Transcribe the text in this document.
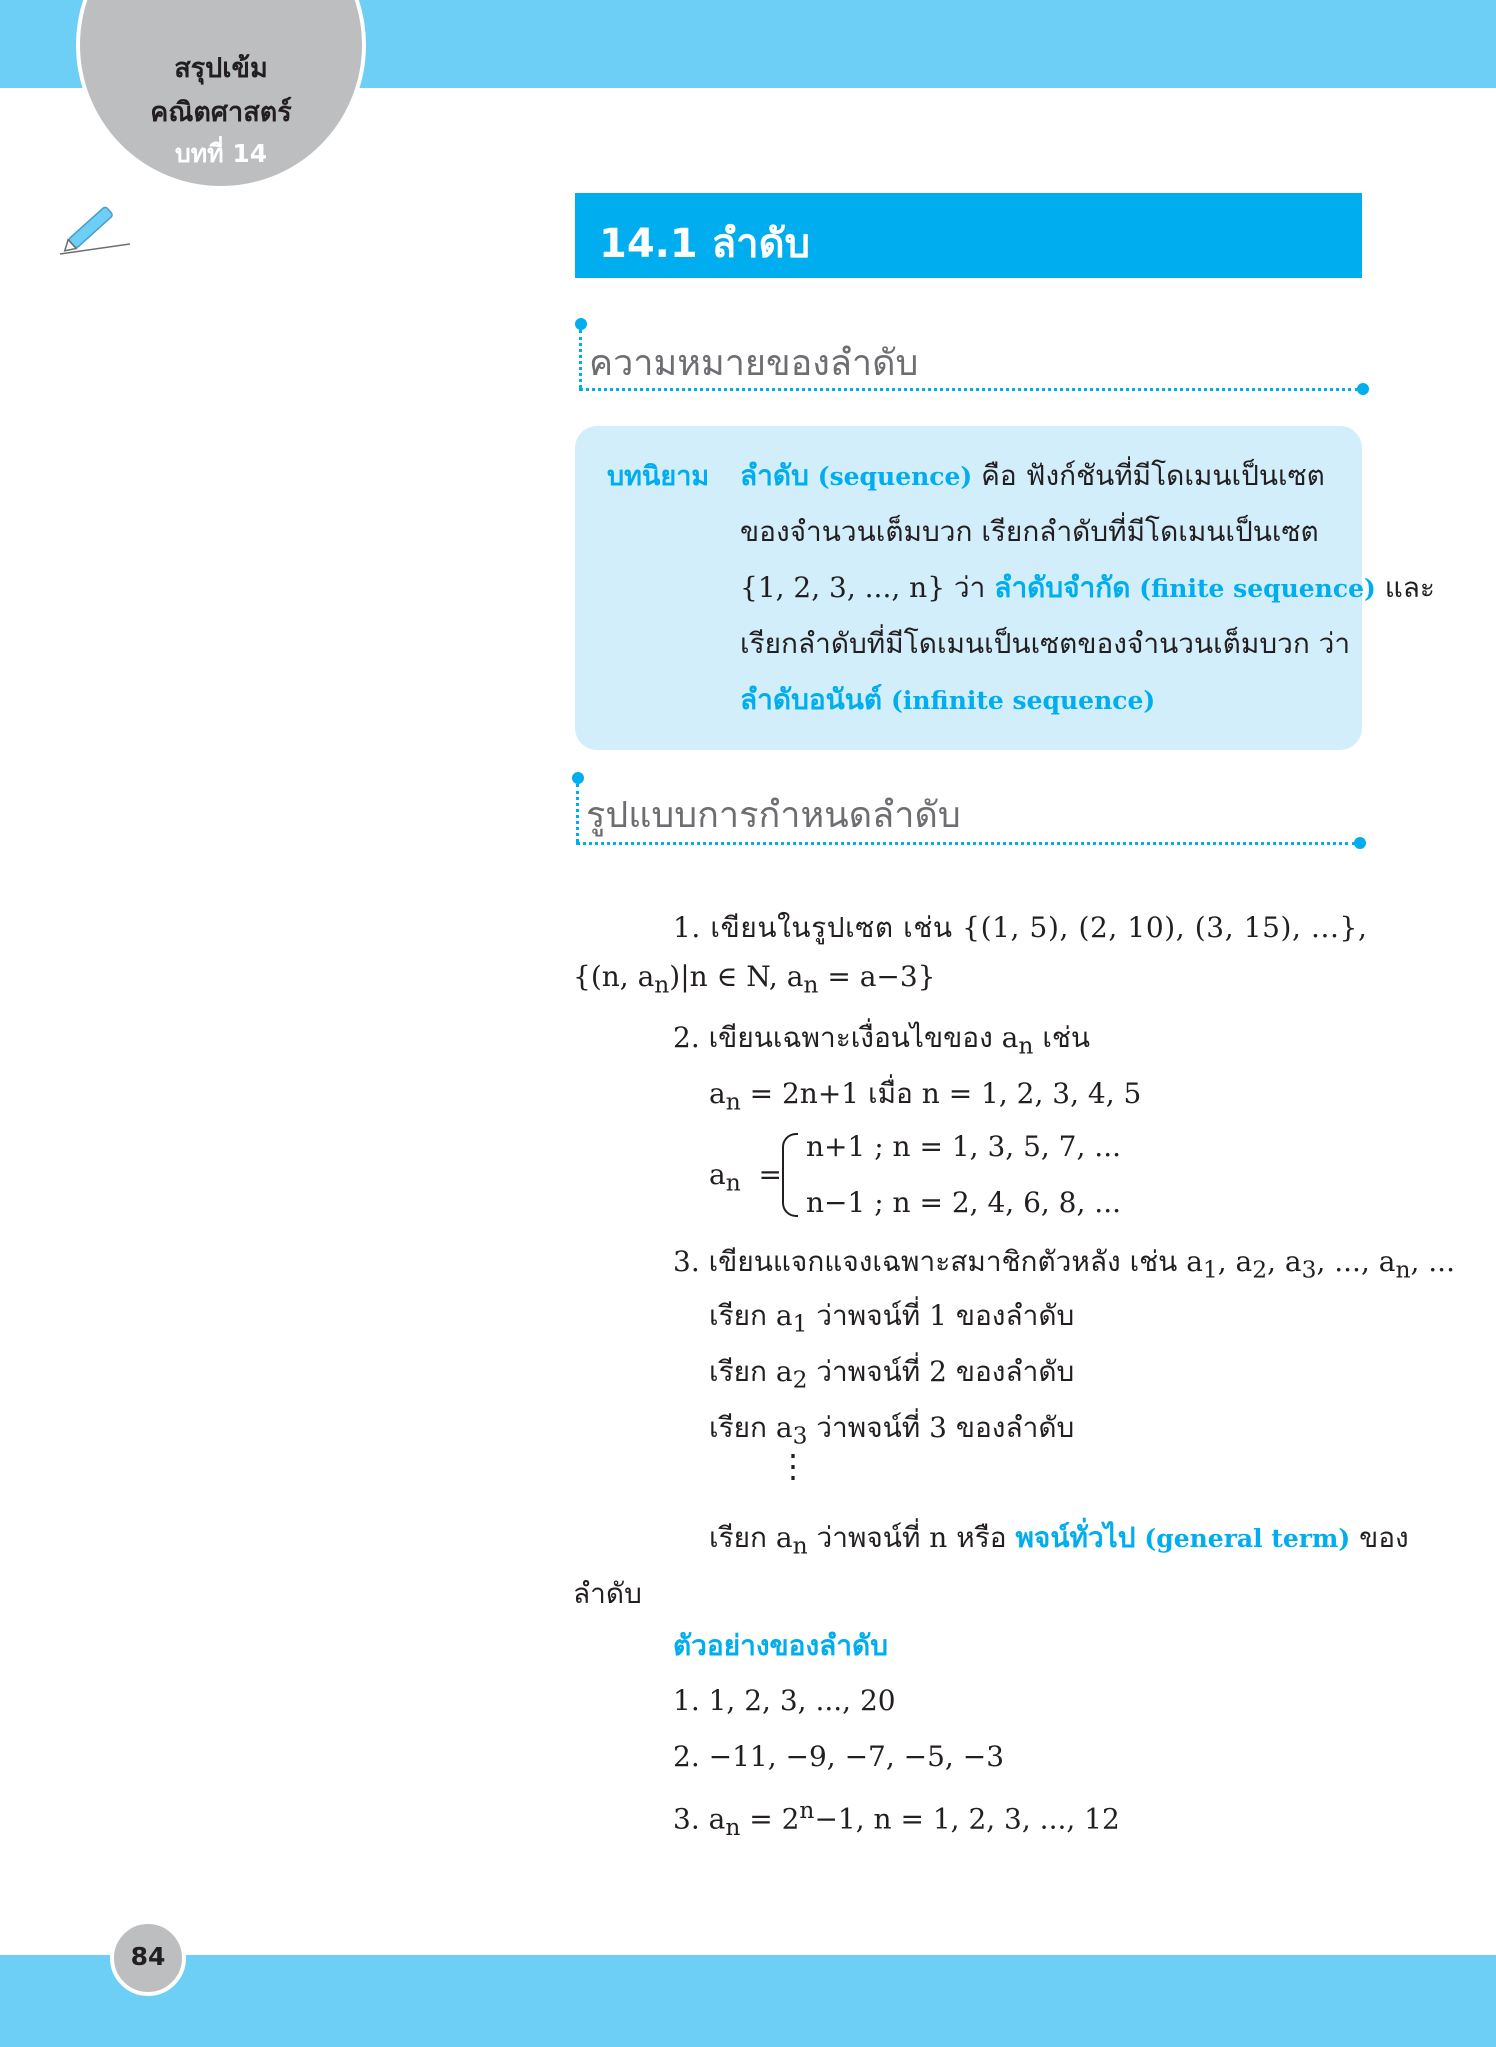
สรุปเข้ม
คณิตศาสตร์
บทที่ 14
14.1 ลำดับ
ความหมายของลำดับ
บทนิยาม ลำดับ (sequence) คือ ฟังก์ชันที่มีโดเมนเป็นเซต
ของจำนวนเต็มบวก เรียกลำดับที่มีโดเมนเป็นเซต
{1, 2, 3, ..., n} ว่า ลำดับจำกัด (finite sequence) และ
เรียกลำดับที่มีโดเมนเป็นเซตของจำนวนเต็มบวก ว่า
ลำดับอนันต์ (infinite sequence)
รูปแบบการกำหนดลำดับ
1. เขียนในรูปเซต เช่น {(1, 5), (2, 10), (3, 15), ...},
{(n, $a_n)|n$ ∈ N, $a_n = a-3$}
2. เขียนเฉพาะเงื่อนไขของ $a_n$ เช่น
$a_n = 2n+1$ เมื่อ n = 1, 2, 3, 4, 5
$a_n$ =
n+1 ; n = 1, 3, 5, 7, ...
n−1 ; n = 2, 4, 6, 8, ...
3. เขียนแจกแจงเฉพาะสมาชิกตัวหลัง เช่น $a_1$, $a_2$, $a_3$, ..., $a_n$, ...
เรียก $a_1$ ว่าพจน์ที่ 1 ของลำดับ
เรียก $a_2$ ว่าพจน์ที่ 2 ของลำดับ
เรียก $a_3$ ว่าพจน์ที่ 3 ของลำดับ
⋮
เรียก $a_n$ ว่าพจน์ที่ n หรือ พจน์ทั่วไป (general term) ของ
ลำดับ
ตัวอย่างของลำดับ
1. 1, 2, 3, ..., 20
2. −11, −9, −7, −5, −3
3. $a_n = 2^n-1$, n = 1, 2, 3, ..., 12
84
